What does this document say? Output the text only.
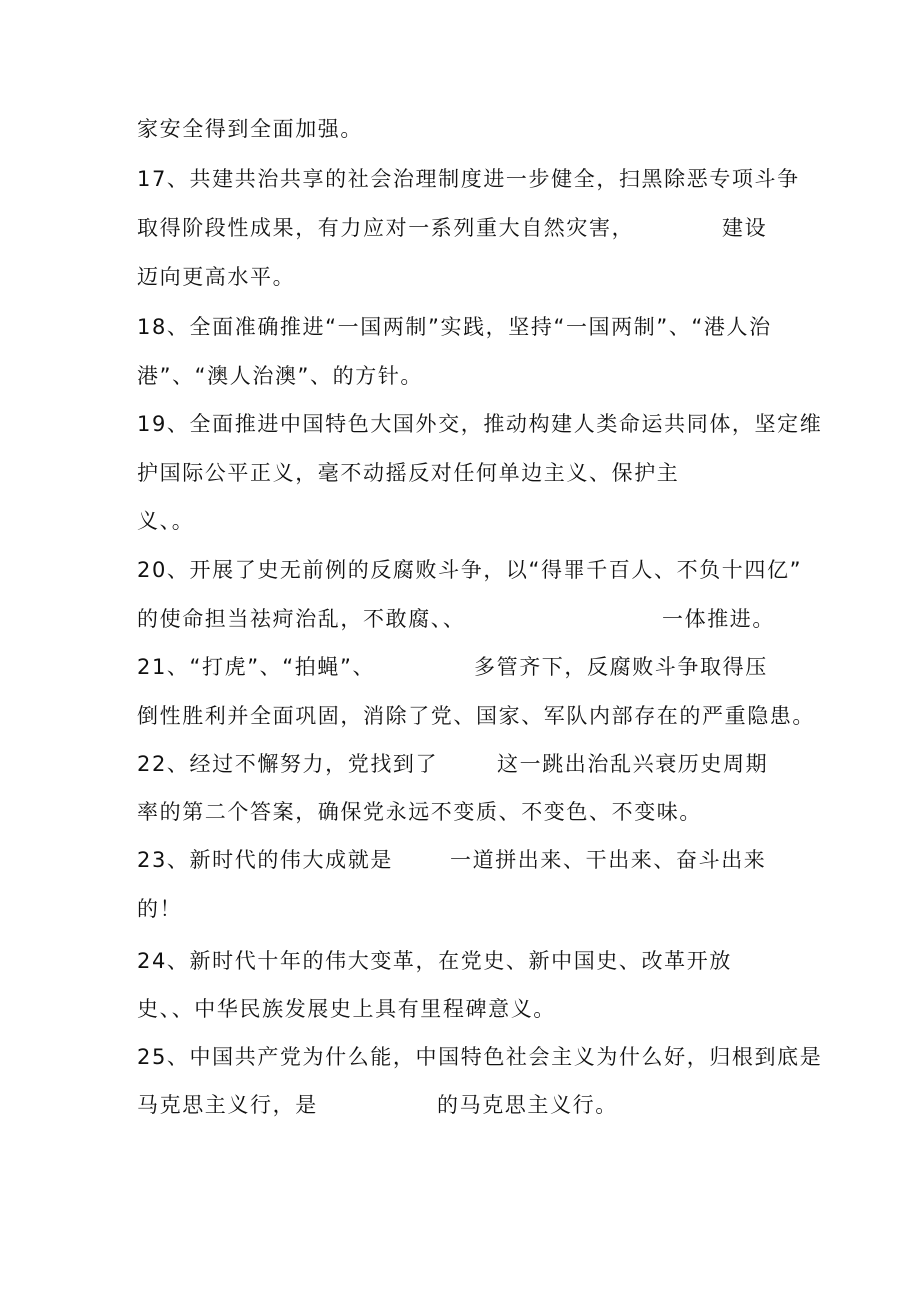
家安全得到全面加强。
17、共建共治共享的社会治理制度进一步健全，扫黑除恶专项斗争
取得阶段性成果，有力应对一系列重大自然灾害，	建设
迈向更高水平。
18、全面准确推进“一国两制”实践，坚持“一国两制”、“港人治
港”、“澳人治澳”、的方针。
19、全面推进中国特色大国外交，推动构建人类命运共同体，坚定维
护国际公平正义，毫不动摇反对任何单边主义、保护主
义、。
20、开展了史无前例的反腐败斗争，以“得罪千百人、不负十四亿”
的使命担当祛疴治乱，不敢腐、、	一体推进。
21、“打虎”、“拍蝇”、	多管齐下，反腐败斗争取得压
倒性胜利并全面巩固，消除了党、国家、军队内部存在的严重隐患。
22、经过不懈努力，党找到了	这一跳出治乱兴衰历史周期
率的第二个答案，确保党永远不变质、不变色、不变味。
23、新时代的伟大成就是	一道拼出来、干出来、奋斗出来
的！
24、新时代十年的伟大变革，在党史、新中国史、改革开放
史、、中华民族发展史上具有里程碑意义。
25、中国共产党为什么能，中国特色社会主义为什么好，归根到底是
马克思主义行，是	的马克思主义行。
